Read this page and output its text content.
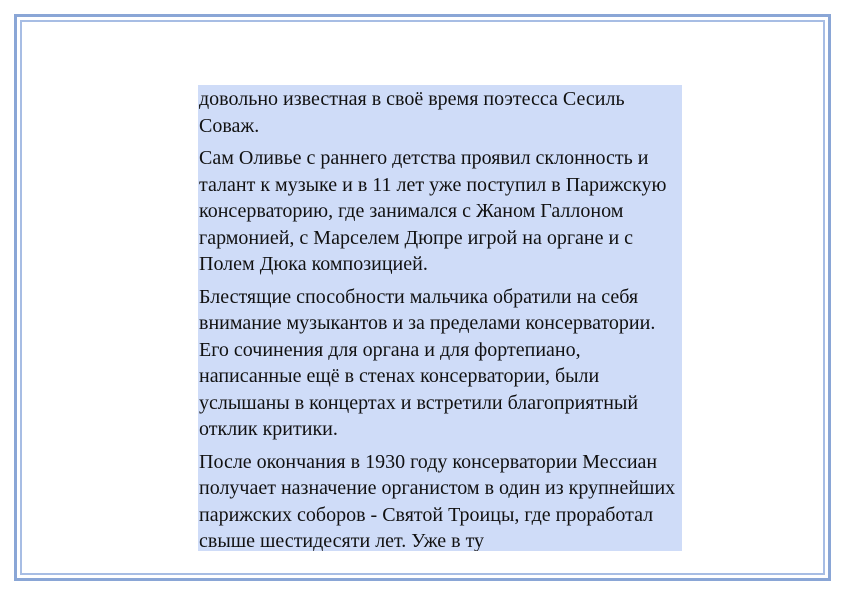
довольно известная в своё время поэтесса Сесиль Соваж.

Сам Оливье с раннего детства проявил склонность и талант к музыке и в 11 лет уже поступил в Парижскую консерваторию, где занимался с Жаном Галлоном гармонией, с Марселем Дюпре игрой на органе и с Полем Дюка композицией.

Блестящие способности мальчика обратили на себя внимание музыкантов и за пределами консерватории. Его сочинения для органа и для фортепиано, написанные ещё в стенах консерватории, были услышаны в концертах и встретили благоприятный отклик критики.

После окончания в 1930 году консерватории Мессиан получает назначение органистом в один из крупнейших парижских соборов - Святой Троицы, где проработал свыше шестидесяти лет. Уже в ту
